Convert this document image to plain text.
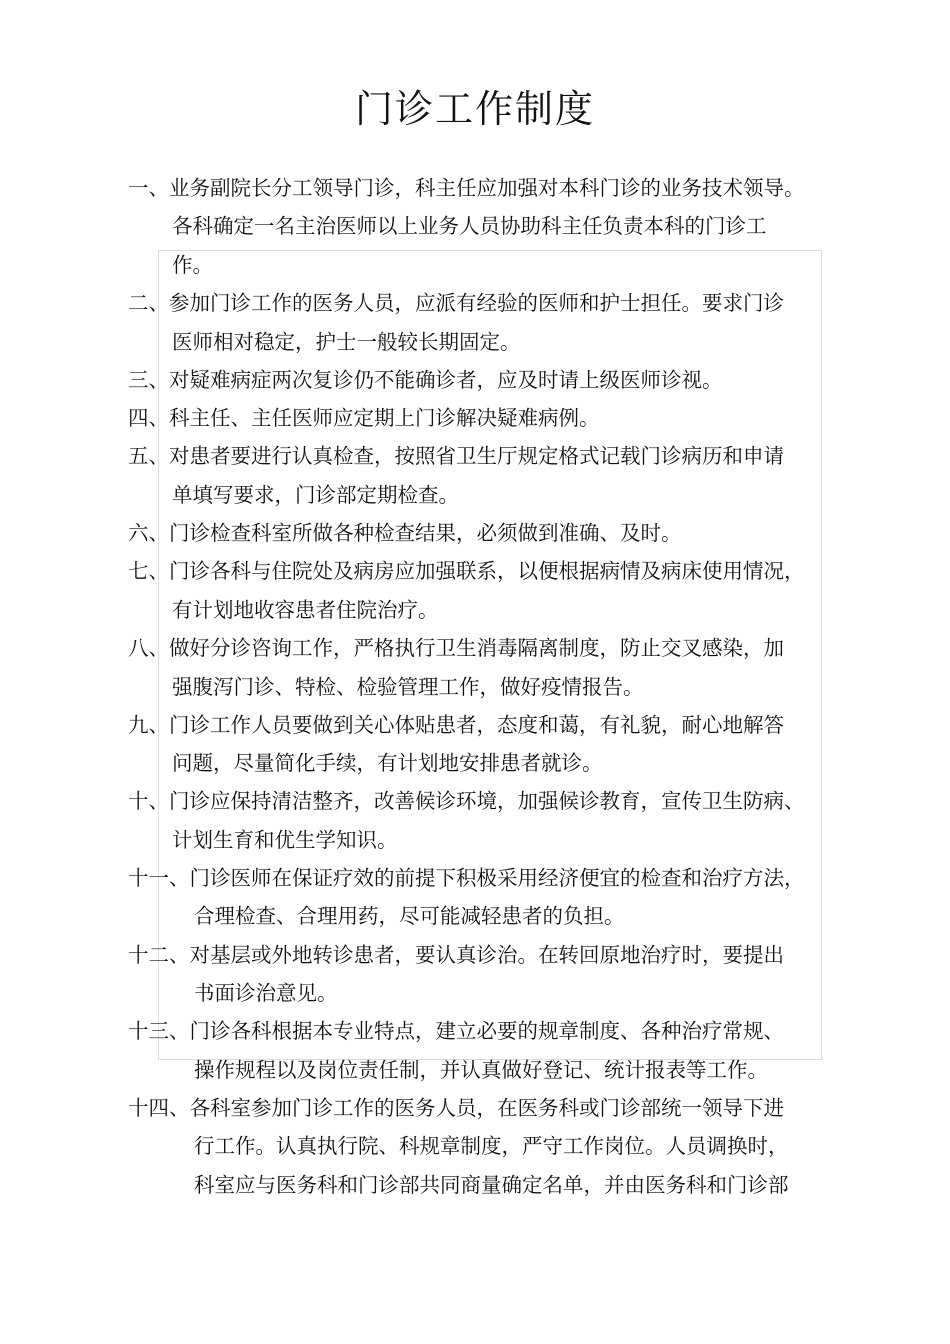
门诊工作制度
一、业务副院长分工领导门诊，科主任应加强对本科门诊的业务技术领导。
各科确定一名主治医师以上业务人员协助科主任负责本科的门诊工
作。
二、参加门诊工作的医务人员，应派有经验的医师和护士担任。要求门诊
医师相对稳定，护士一般较长期固定。
三、对疑难病症两次复诊仍不能确诊者，应及时请上级医师诊视。
四、科主任、主任医师应定期上门诊解决疑难病例。
五、对患者要进行认真检查，按照省卫生厅规定格式记载门诊病历和申请
单填写要求，门诊部定期检查。
六、门诊检查科室所做各种检查结果，必须做到准确、及时。
七、门诊各科与住院处及病房应加强联系，以便根据病情及病床使用情况，
有计划地收容患者住院治疗。
八、做好分诊咨询工作，严格执行卫生消毒隔离制度，防止交叉感染，加
强腹泻门诊、特检、检验管理工作，做好疫情报告。
九、门诊工作人员要做到关心体贴患者，态度和蔼，有礼貌，耐心地解答
问题，尽量简化手续，有计划地安排患者就诊。
十、门诊应保持清洁整齐，改善候诊环境，加强候诊教育，宣传卫生防病、
计划生育和优生学知识。
十一、门诊医师在保证疗效的前提下积极采用经济便宜的检查和治疗方法，
合理检查、合理用药，尽可能减轻患者的负担。
十二、对基层或外地转诊患者，要认真诊治。在转回原地治疗时，要提出
书面诊治意见。
十三、门诊各科根据本专业特点，建立必要的规章制度、各种治疗常规、
操作规程以及岗位责任制，并认真做好登记、统计报表等工作。
十四、各科室参加门诊工作的医务人员，在医务科或门诊部统一领导下进
行工作。认真执行院、科规章制度，严守工作岗位。人员调换时，
科室应与医务科和门诊部共同商量确定名单，并由医务科和门诊部
